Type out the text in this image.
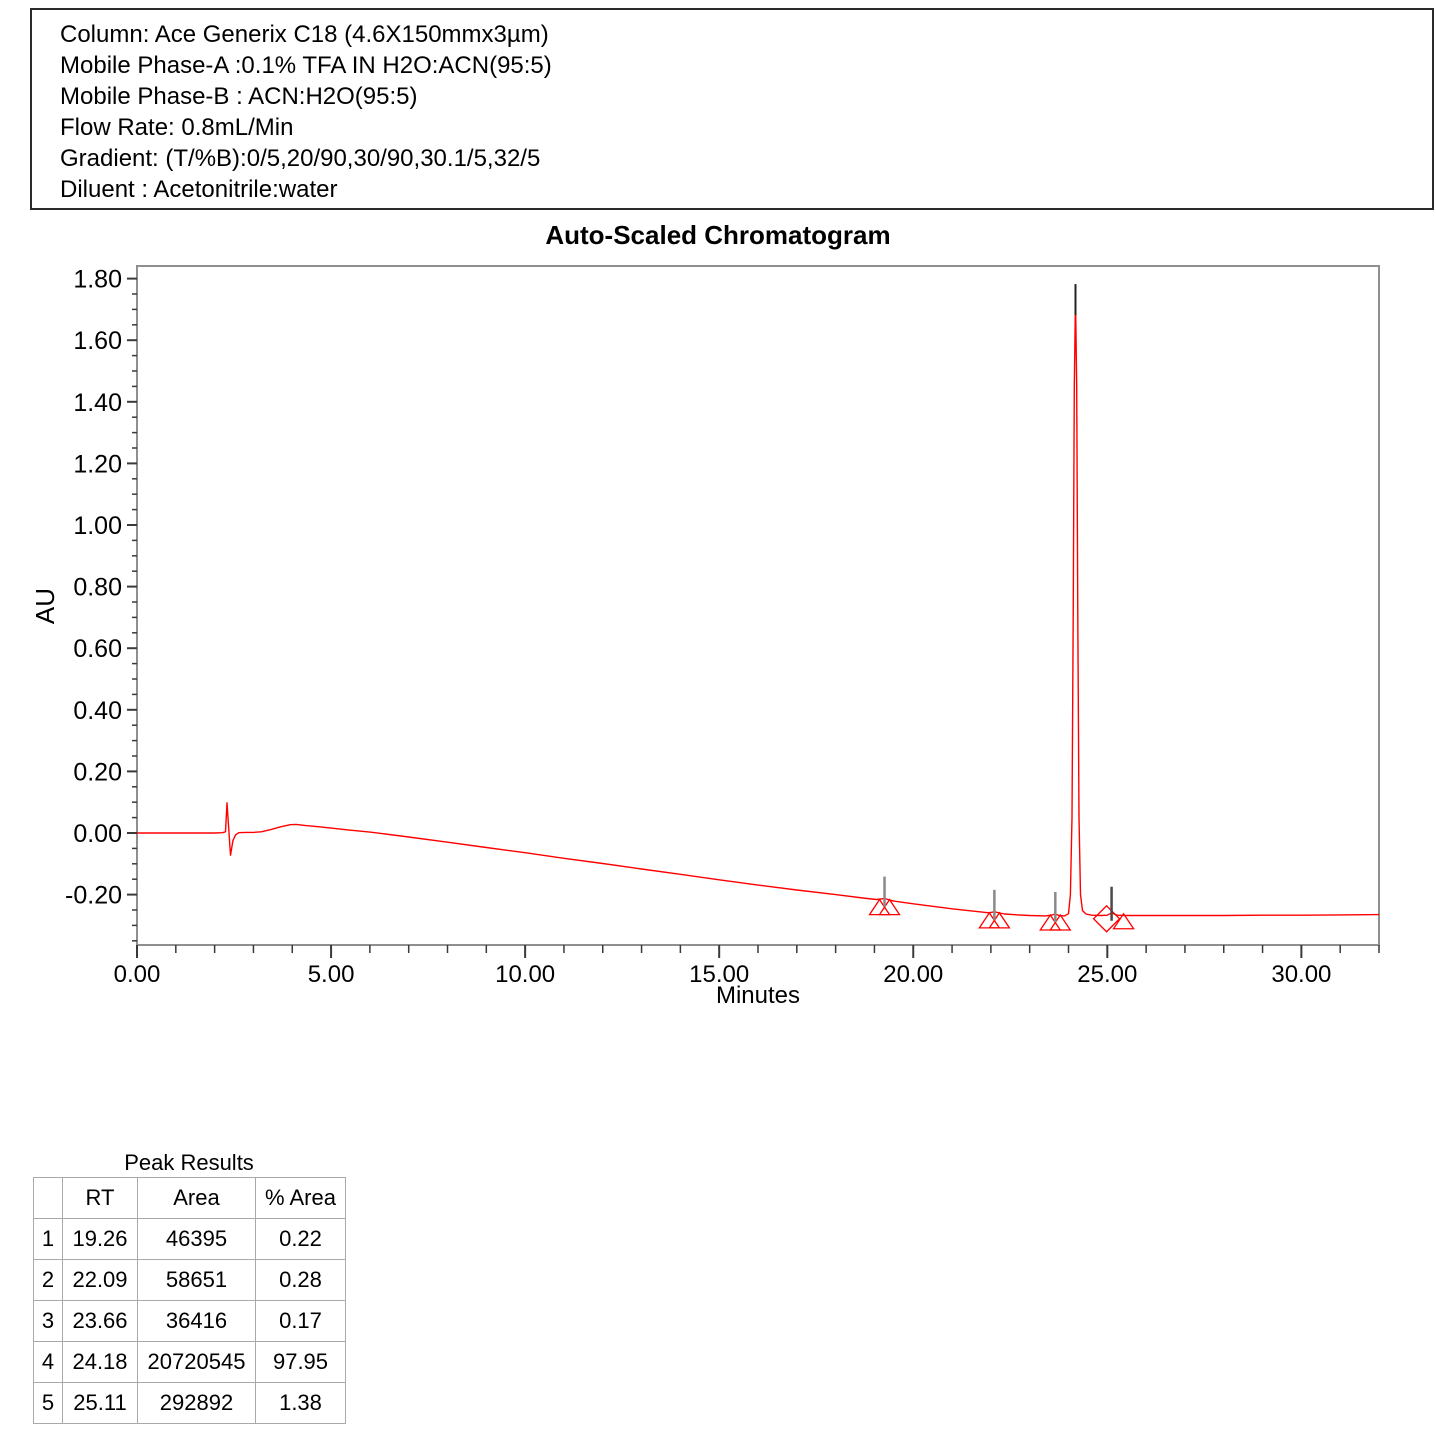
Column: Ace Generix C18 (4.6X150mmx3µm)
Mobile Phase-A :0.1% TFA IN H2O:ACN(95:5)
Mobile Phase-B : ACN:H2O(95:5)
Flow Rate: 0.8mL/Min
Gradient: (T/%B):0/5,20/90,30/90,30.1/5,32/5
Diluent : Acetonitrile:water
Auto-Scaled Chromatogram
-0.20
0.00
0.20
0.40
0.60
0.80
1.00
1.20
1.40
1.60
1.80
0.00	5.00	10.00	15.00	20.00	25.00	30.00
AU
Minutes
Peak Results
	RT	Area	% Area
1	19.26	46395	0.22
2	22.09	58651	0.28
3	23.66	36416	0.17
4	24.18	20720545	97.95
5	25.11	292892	1.38
